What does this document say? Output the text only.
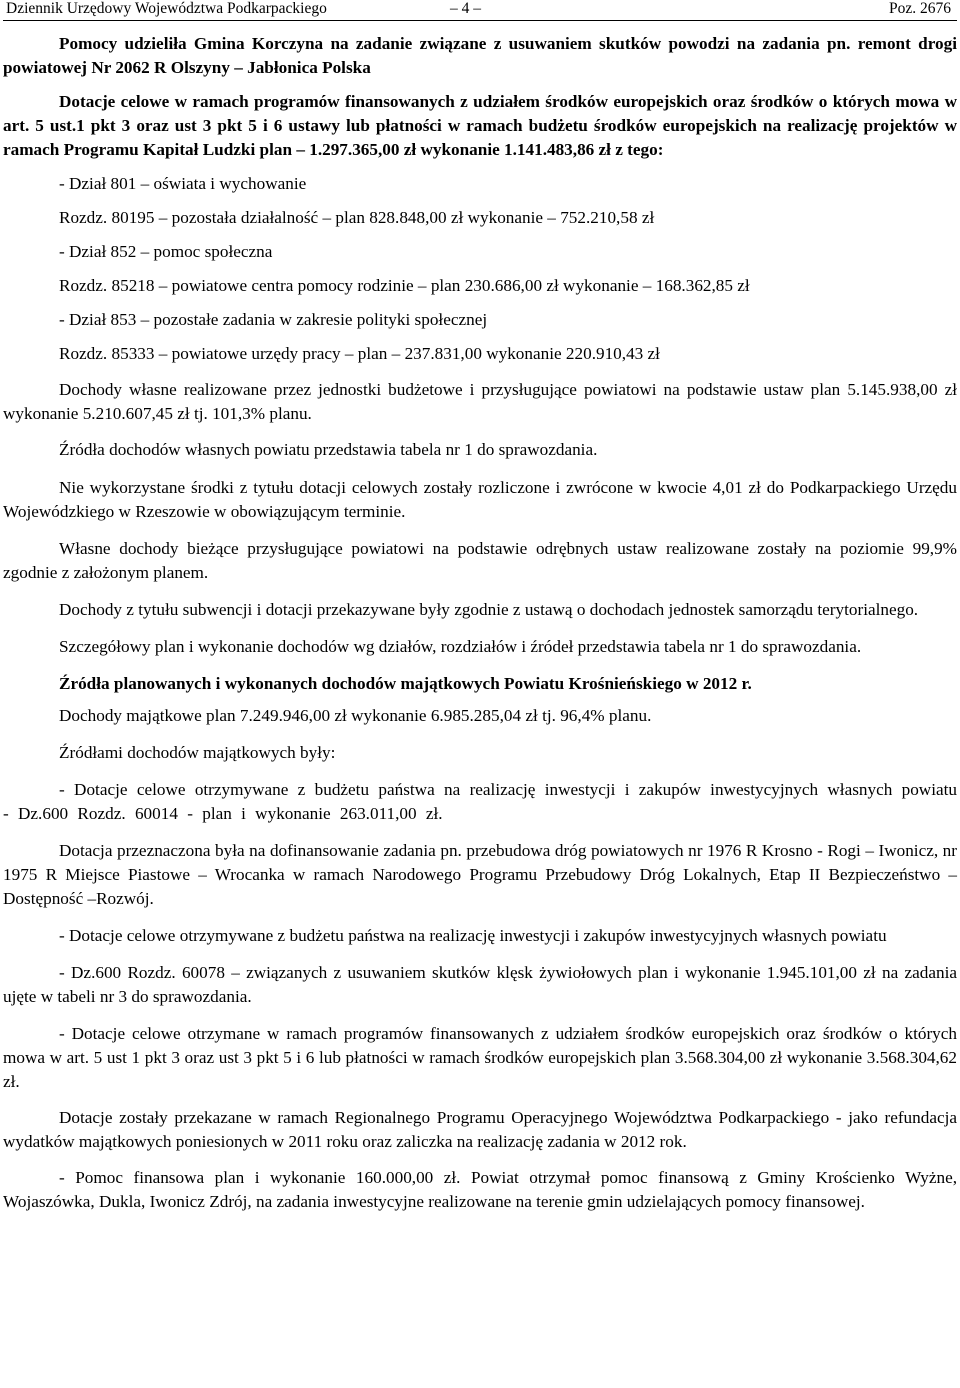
Dziennik Urzędowy Województwa Podkarpackiego	– 4 –	Poz. 2676

Pomocy udzieliła Gmina Korczyna na zadanie związane z usuwaniem skutków powodzi na zadania pn. remont drogi powiatowej Nr 2062 R Olszyny – Jabłonica Polska

Dotacje celowe w ramach programów finansowanych z udziałem środków europejskich oraz środków o których mowa w art. 5 ust.1 pkt 3 oraz ust 3 pkt 5 i 6 ustawy lub płatności w ramach budżetu środków europejskich na realizację projektów w ramach Programu Kapitał Ludzki plan – 1.297.365,00 zł wykonanie 1.141.483,86 zł z tego:

- Dział 801 – oświata i wychowanie

Rozdz. 80195 – pozostała działalność – plan 828.848,00 zł wykonanie – 752.210,58 zł

- Dział 852 – pomoc społeczna

Rozdz. 85218 – powiatowe centra pomocy rodzinie – plan 230.686,00 zł wykonanie – 168.362,85 zł

- Dział 853 – pozostałe zadania w zakresie polityki społecznej

Rozdz. 85333 – powiatowe urzędy pracy – plan – 237.831,00 wykonanie 220.910,43 zł

Dochody własne realizowane przez jednostki budżetowe i przysługujące powiatowi na podstawie ustaw plan 5.145.938,00 zł wykonanie 5.210.607,45 zł tj. 101,3% planu.

Źródła dochodów własnych powiatu przedstawia tabela nr 1 do sprawozdania.

Nie wykorzystane środki z tytułu dotacji celowych zostały rozliczone i zwrócone w kwocie 4,01 zł do Podkarpackiego Urzędu Wojewódzkiego w Rzeszowie w obowiązującym terminie.

Własne dochody bieżące przysługujące powiatowi na podstawie odrębnych ustaw realizowane zostały na poziomie 99,9% zgodnie z założonym planem.

Dochody z tytułu subwencji i dotacji przekazywane były zgodnie z ustawą o dochodach jednostek samorządu terytorialnego.

Szczegółowy plan i wykonanie dochodów wg działów, rozdziałów i źródeł przedstawia tabela nr 1 do sprawozdania.

Źródła planowanych i wykonanych dochodów majątkowych Powiatu Krośnieńskiego w 2012 r.

Dochody majątkowe plan 7.249.946,00 zł wykonanie 6.985.285,04 zł tj. 96,4% planu.

Źródłami dochodów majątkowych były:

- Dotacje celowe otrzymywane z budżetu państwa na realizację inwestycji i zakupów inwestycyjnych własnych powiatu - Dz.600 Rozdz. 60014 - plan i wykonanie 263.011,00 zł.

Dotacja przeznaczona była na dofinansowanie zadania pn. przebudowa dróg powiatowych nr 1976 R Krosno - Rogi – Iwonicz, nr 1975 R Miejsce Piastowe – Wrocanka w ramach Narodowego Programu Przebudowy Dróg Lokalnych, Etap II Bezpieczeństwo – Dostępność –Rozwój.

- Dotacje celowe otrzymywane z budżetu państwa na realizację inwestycji i zakupów inwestycyjnych własnych powiatu

- Dz.600 Rozdz. 60078 – związanych z usuwaniem skutków klęsk żywiołowych plan i wykonanie 1.945.101,00 zł na zadania ujęte w tabeli nr 3 do sprawozdania.

- Dotacje celowe otrzymane w ramach programów finansowanych z udziałem środków europejskich oraz środków o których mowa w art. 5 ust 1 pkt 3 oraz ust 3 pkt 5 i 6 lub płatności w ramach środków europejskich plan 3.568.304,00 zł wykonanie 3.568.304,62 zł.

Dotacje zostały przekazane w ramach Regionalnego Programu Operacyjnego Województwa Podkarpackiego - jako refundacja wydatków majątkowych poniesionych w 2011 roku oraz zaliczka na realizację zadania w 2012 rok.

- Pomoc finansowa plan i wykonanie 160.000,00 zł. Powiat otrzymał pomoc finansową z Gminy Krościenko Wyżne, Wojaszówka, Dukla, Iwonicz Zdrój, na zadania inwestycyjne realizowane na terenie gmin udzielających pomocy finansowej.
